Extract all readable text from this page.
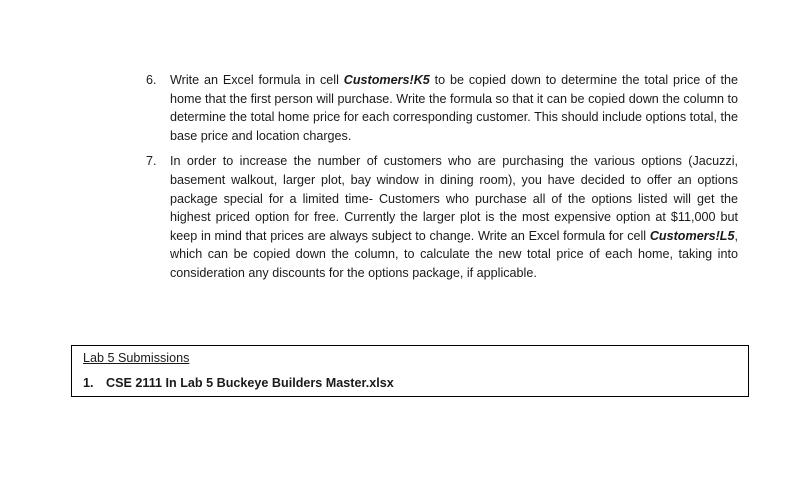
6. Write an Excel formula in cell Customers!K5 to be copied down to determine the total price of the home that the first person will purchase. Write the formula so that it can be copied down the column to determine the total home price for each corresponding customer. This should include options total, the base price and location charges.
7. In order to increase the number of customers who are purchasing the various options (Jacuzzi, basement walkout, larger plot, bay window in dining room), you have decided to offer an options package special for a limited time- Customers who purchase all of the options listed will get the highest priced option for free. Currently the larger plot is the most expensive option at $11,000 but keep in mind that prices are always subject to change. Write an Excel formula for cell Customers!L5, which can be copied down the column, to calculate the new total price of each home, taking into consideration any discounts for the options package, if applicable.
Lab 5 Submissions
1. CSE 2111 In Lab 5 Buckeye Builders Master.xlsx
